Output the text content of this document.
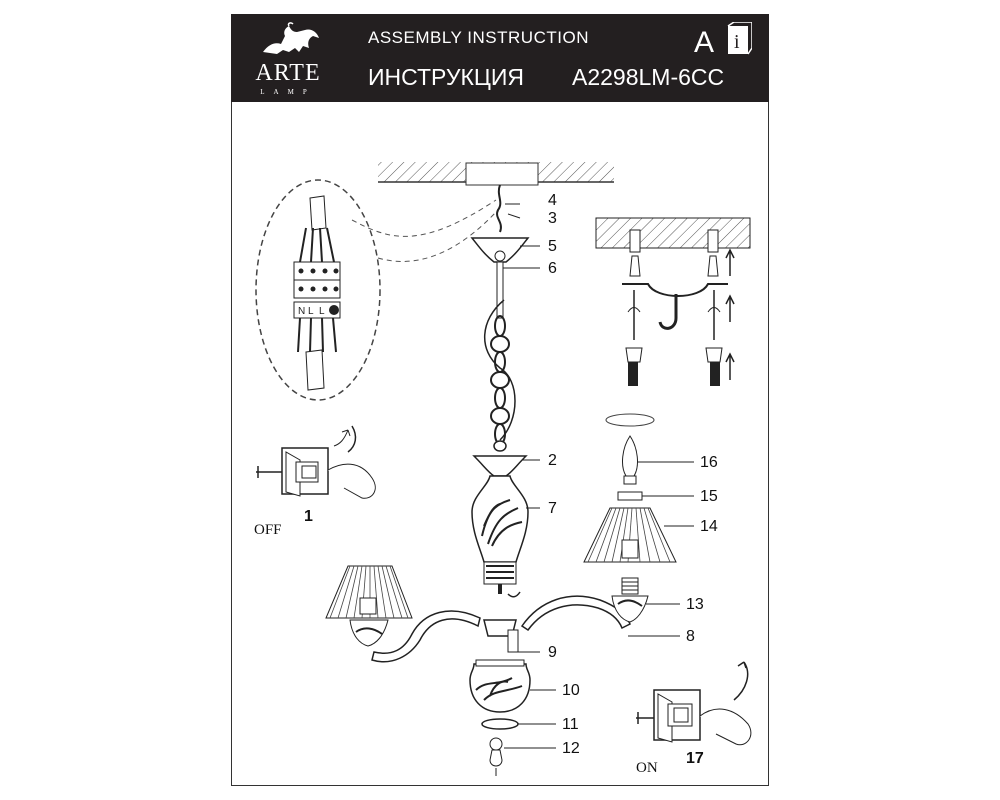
ARTE
LAMP
ASSEMBLY INSTRUCTION
ИНСТРУКЦИЯ A2298LM-6CC
A i
N L L
4
3
5
6
2
7
16
15
14
13
8
9
10
11
12
OFF
1
ON
17
